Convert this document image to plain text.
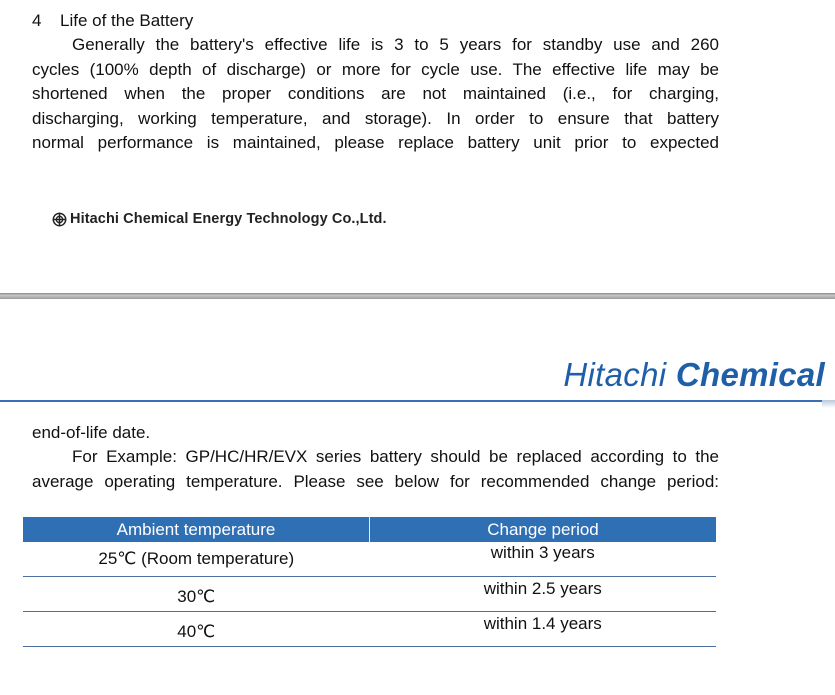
4 Life of the Battery
Generally the battery's effective life is 3 to 5 years for standby use and 260
cycles (100% depth of discharge) or more for cycle use. The effective life may be
shortened when the proper conditions are not maintained (i.e., for charging,
discharging, working temperature, and storage). In order to ensure that battery
normal performance is maintained, please replace battery unit prior to expected
Hitachi Chemical Energy Technology Co.,Ltd.
Hitachi Chemical
end-of-life date.
For Example: GP/HC/HR/EVX series battery should be replaced according to the
average operating temperature. Please see below for recommended change period:
Ambient temperature	Change period
25℃ (Room temperature)	within 3 years
30℃	within 2.5 years
40℃	within 1.4 years
